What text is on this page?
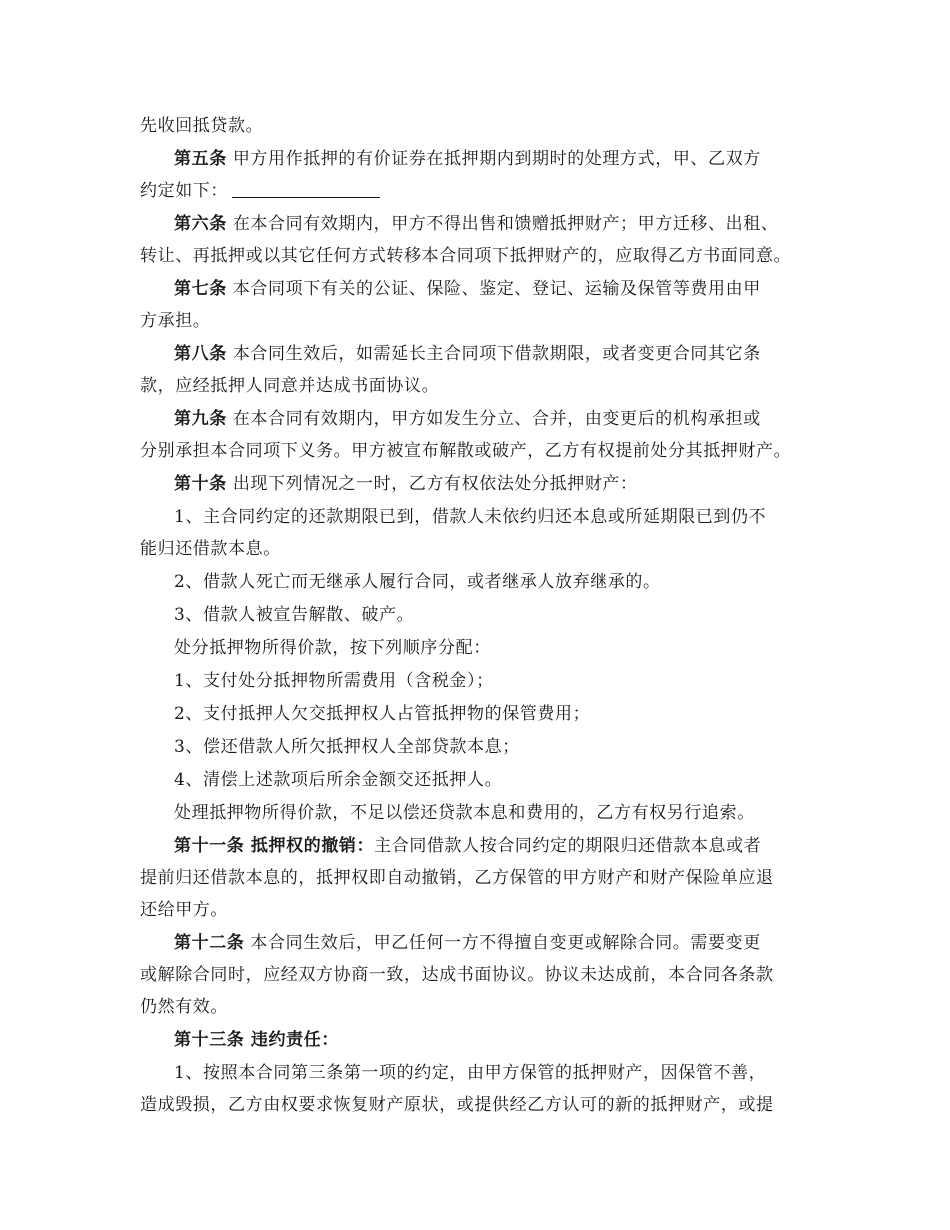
先收回抵贷款。
第五条 甲方用作抵押的有价证券在抵押期内到期时的处理方式，甲、乙双方
约定如下：
第六条 在本合同有效期内，甲方不得出售和馈赠抵押财产；甲方迁移、出租、
转让、再抵押或以其它任何方式转移本合同项下抵押财产的，应取得乙方书面同意。
第七条 本合同项下有关的公证、保险、鉴定、登记、运输及保管等费用由甲
方承担。
第八条 本合同生效后，如需延长主合同项下借款期限，或者变更合同其它条
款，应经抵押人同意并达成书面协议。
第九条 在本合同有效期内，甲方如发生分立、合并，由变更后的机构承担或
分别承担本合同项下义务。甲方被宣布解散或破产，乙方有权提前处分其抵押财产。
第十条 出现下列情况之一时，乙方有权依法处分抵押财产：
1、主合同约定的还款期限已到，借款人未依约归还本息或所延期限已到仍不
能归还借款本息。
2、借款人死亡而无继承人履行合同，或者继承人放弃继承的。
3、借款人被宣告解散、破产。
处分抵押物所得价款，按下列顺序分配：
1、支付处分抵押物所需费用（含税金）；
2、支付抵押人欠交抵押权人占管抵押物的保管费用；
3、偿还借款人所欠抵押权人全部贷款本息；
4、清偿上述款项后所余金额交还抵押人。
处理抵押物所得价款，不足以偿还贷款本息和费用的，乙方有权另行追索。
第十一条 抵押权的撤销：主合同借款人按合同约定的期限归还借款本息或者
提前归还借款本息的，抵押权即自动撤销，乙方保管的甲方财产和财产保险单应退
还给甲方。
第十二条 本合同生效后，甲乙任何一方不得擅自变更或解除合同。需要变更
或解除合同时，应经双方协商一致，达成书面协议。协议未达成前，本合同各条款
仍然有效。
第十三条 违约责任：
1、按照本合同第三条第一项的约定，由甲方保管的抵押财产，因保管不善，
造成毁损，乙方由权要求恢复财产原状，或提供经乙方认可的新的抵押财产，或提
